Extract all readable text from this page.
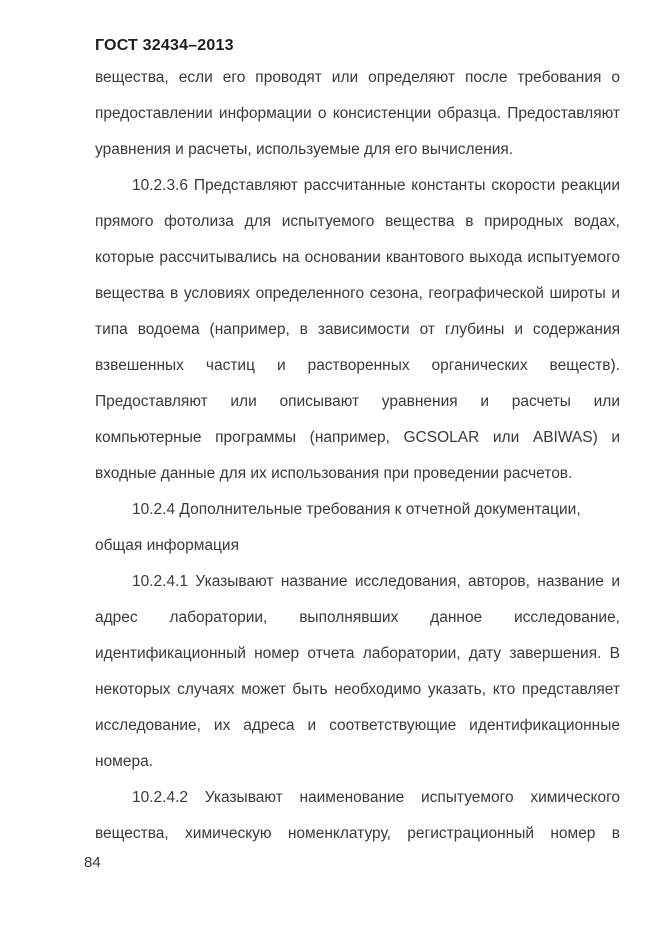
ГОСТ 32434–2013
вещества, если его проводят или определяют после требования о
предоставлении информации о консистенции образца. Предоставляют
уравнения и расчеты, используемые для его вычисления.
10.2.3.6 Представляют рассчитанные константы скорости реакции
прямого фотолиза для испытуемого вещества в природных водах,
которые рассчитывались на основании квантового выхода испытуемого
вещества в условиях определенного сезона, географической широты и
типа водоема (например, в зависимости от глубины и содержания
взвешенных частиц и растворенных органических веществ).
Предоставляют или описывают уравнения и расчеты или
компьютерные программы (например, GCSOLAR или ABIWAS) и
входные данные для их использования при проведении расчетов.
10.2.4 Дополнительные требования к отчетной документации,
общая информация
10.2.4.1 Указывают название исследования, авторов, название и
адрес лаборатории, выполнявших данное исследование,
идентификационный номер отчета лаборатории, дату завершения. В
некоторых случаях может быть необходимо указать, кто представляет
исследование, их адреса и соответствующие идентификационные
номера.
10.2.4.2 Указывают наименование испытуемого химического
вещества, химическую номенклатуру, регистрационный номер в
84
